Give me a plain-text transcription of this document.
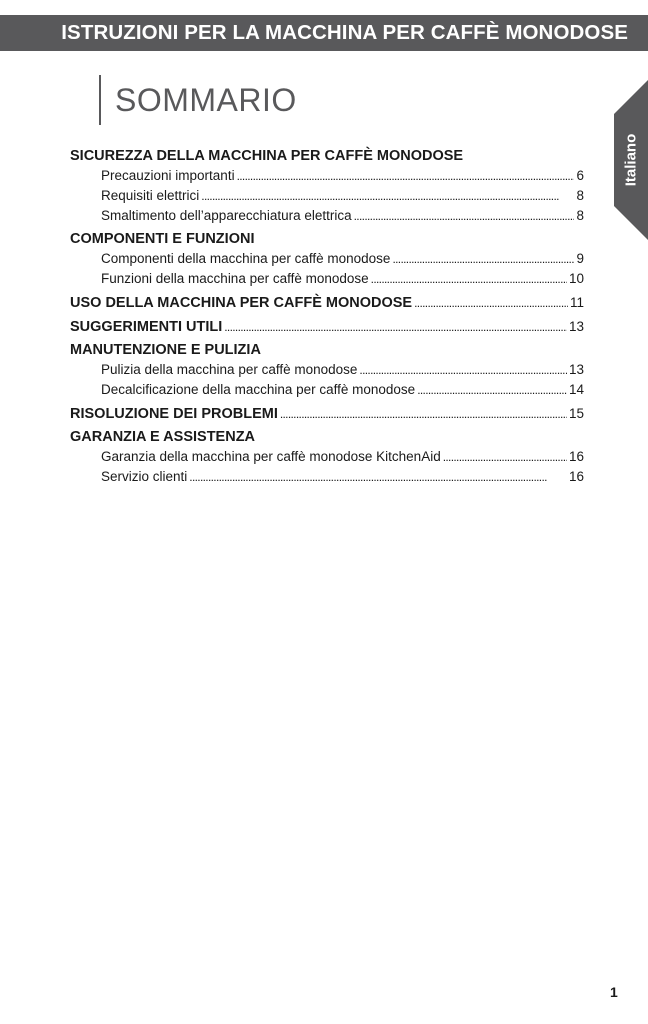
ISTRUZIONI PER LA MACCHINA PER CAFFÈ MONODOSE
SOMMARIO
Italiano
SICUREZZA DELLA MACCHINA PER CAFFÈ MONODOSE
Precauzioni importanti . . .	6
Requisiti elettrici . . .	8
Smaltimento dell’apparecchiatura elettrica . . .	8
COMPONENTI E FUNZIONI
Componenti della macchina per caffè monodose . . .	9
Funzioni della macchina per caffè monodose . . .	10
USO DELLA MACCHINA PER CAFFÈ MONODOSE . . .	11
SUGGERIMENTI UTILI . . .	13
MANUTENZIONE E PULIZIA
Pulizia della macchina per caffè monodose . . .	13
Decalcificazione della macchina per caffè monodose . . .	14
RISOLUZIONE DEI PROBLEMI . . .	15
GARANZIA E ASSISTENZA
Garanzia della macchina per caffè monodose KitchenAid . . .	16
Servizio clienti . . .	16
1
